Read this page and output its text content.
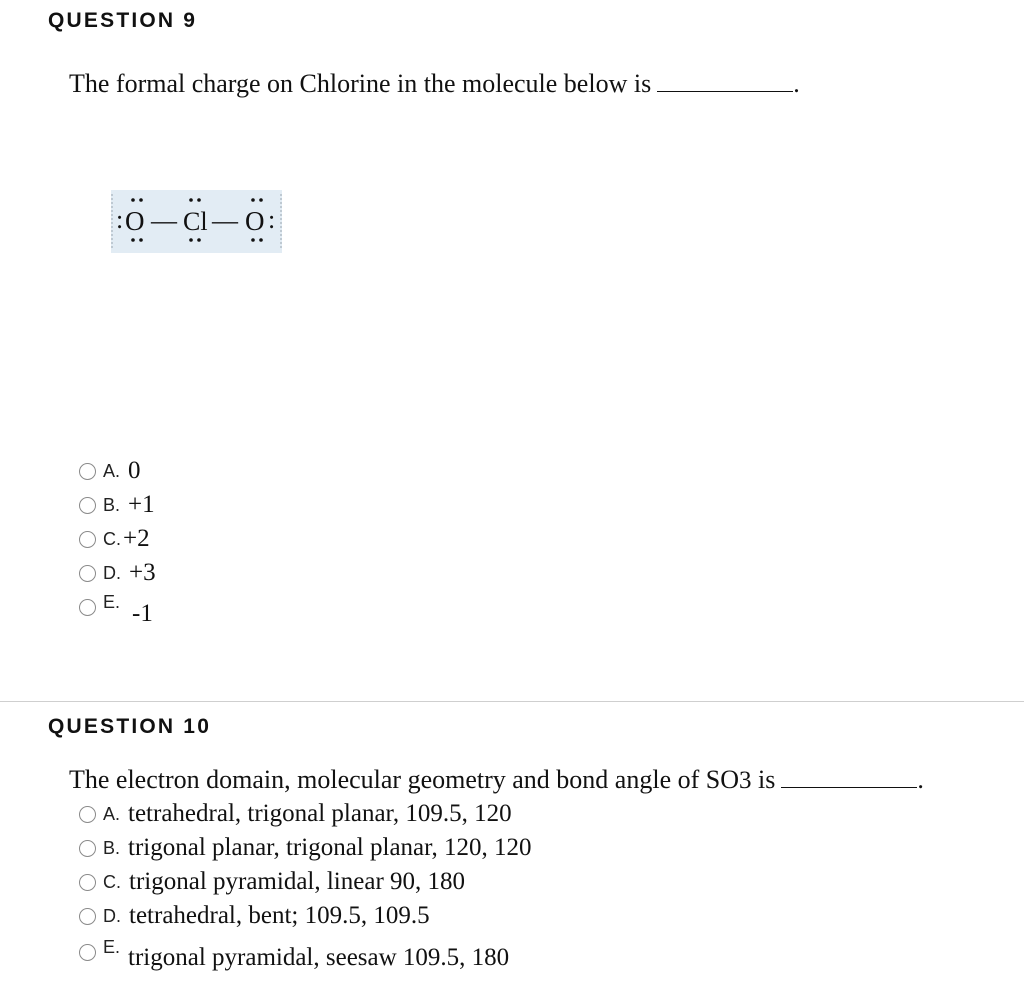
QUESTION 9
The formal charge on Chlorine in the molecule below is	.
: O — Cl — O :
A. 0
B. +1
C. +2
D. +3
E. -1
QUESTION 10
The electron domain, molecular geometry and bond angle of SO3 is	.
A. tetrahedral, trigonal planar, 109.5, 120
B. trigonal planar, trigonal planar, 120, 120
C. trigonal pyramidal, linear 90, 180
D. tetrahedral, bent; 109.5, 109.5
E. trigonal pyramidal, seesaw 109.5, 180
